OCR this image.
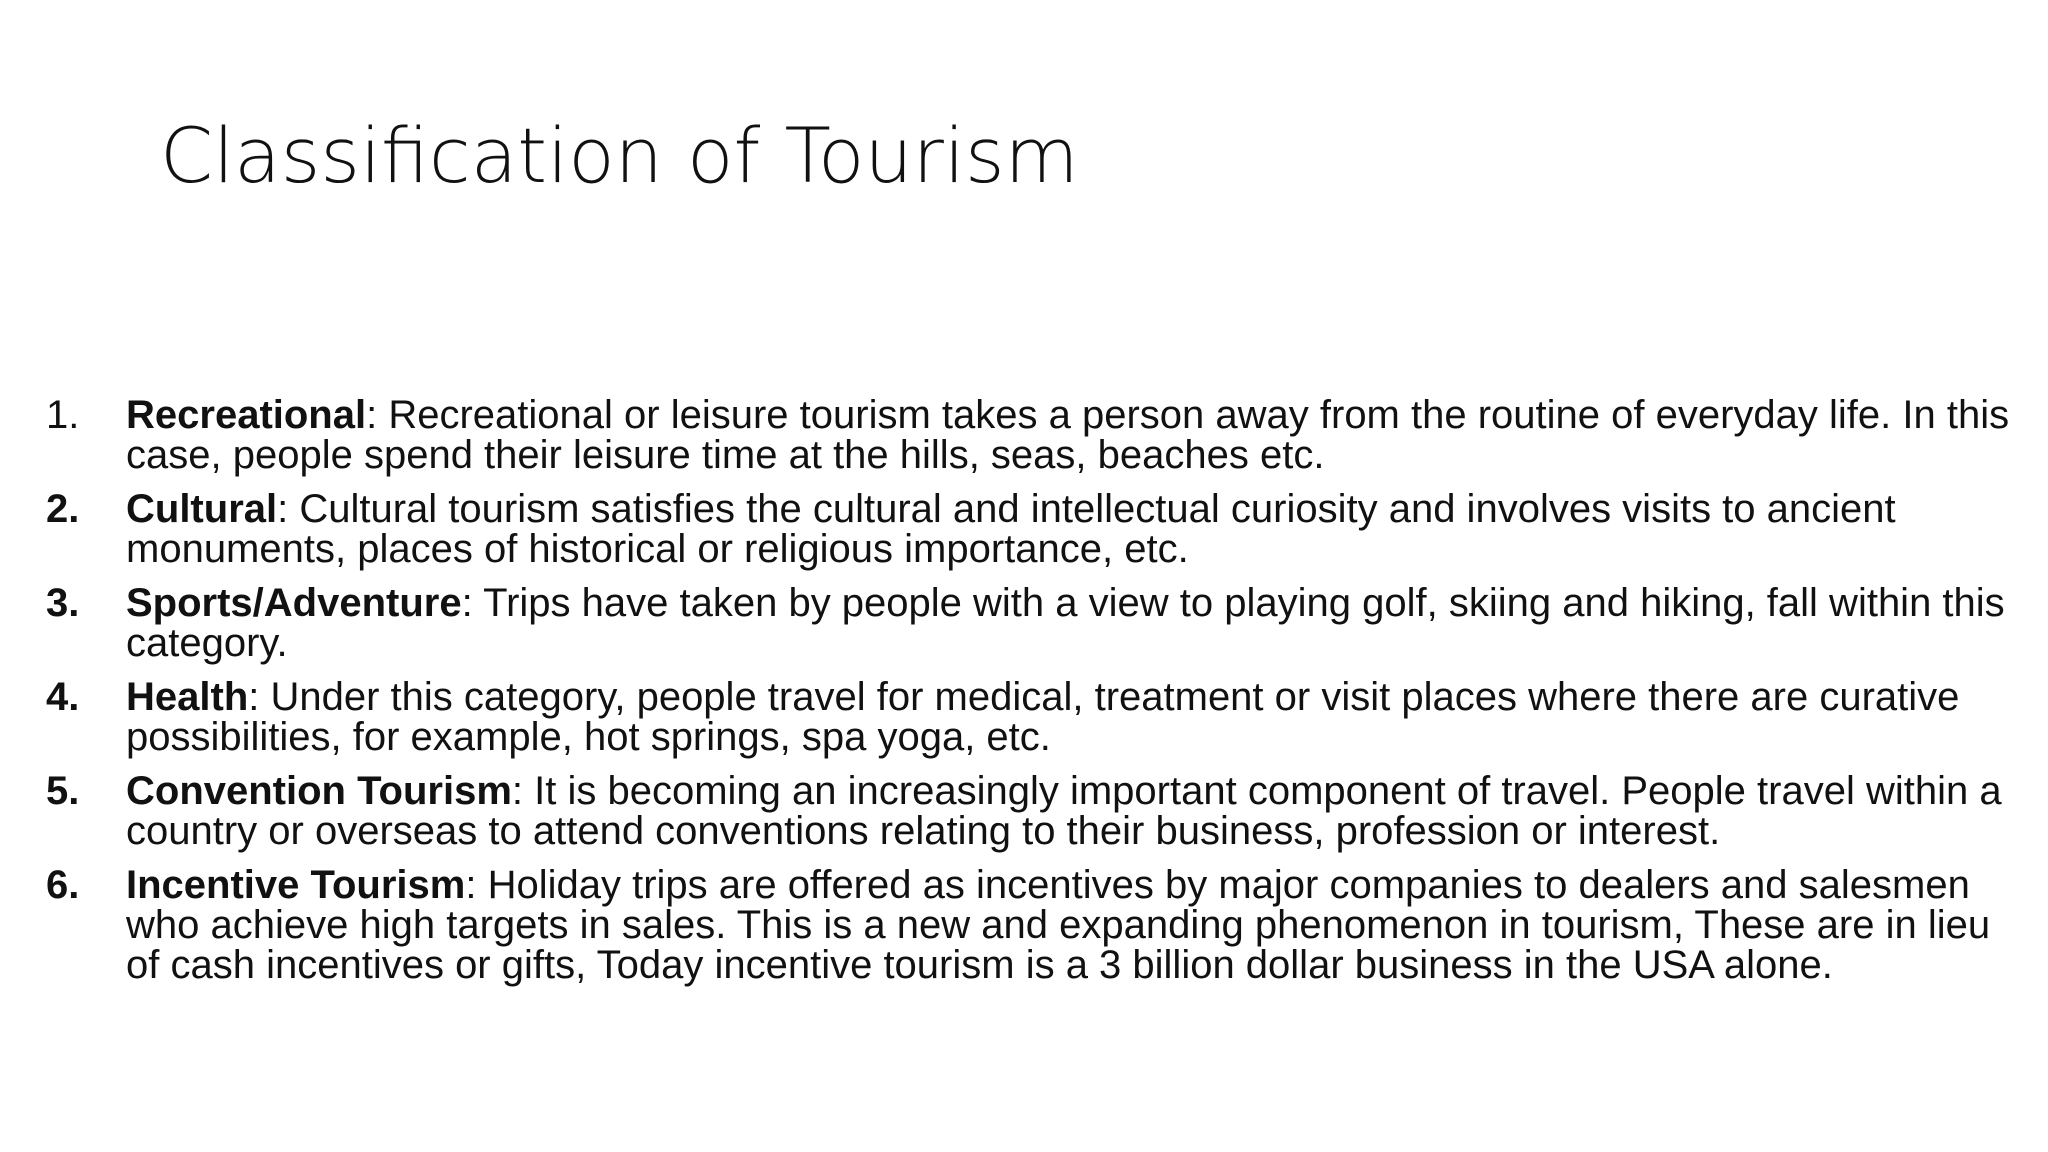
Classification of Tourism
1.	Recreational: Recreational or leisure tourism takes a person away from the routine of everyday life. In this case, people spend their leisure time at the hills, seas, beaches etc.
2.	Cultural: Cultural tourism satisfies the cultural and intellectual curiosity and involves visits to ancient monuments, places of historical or religious importance, etc.
3.	Sports/Adventure: Trips have taken by people with a view to playing golf, skiing and hiking, fall within this category.
4.	Health: Under this category, people travel for medical, treatment or visit places where there are curative possibilities, for example, hot springs, spa yoga, etc.
5.	Convention Tourism: It is becoming an increasingly important component of travel. People travel within a country or overseas to attend conventions relating to their business, profession or interest.
6.	Incentive Tourism: Holiday trips are offered as incentives by major companies to dealers and salesmen who achieve high targets in sales. This is a new and expanding phenomenon in tourism, These are in lieu of cash incentives or gifts, Today incentive tourism is a 3 billion dollar business in the USA alone.
